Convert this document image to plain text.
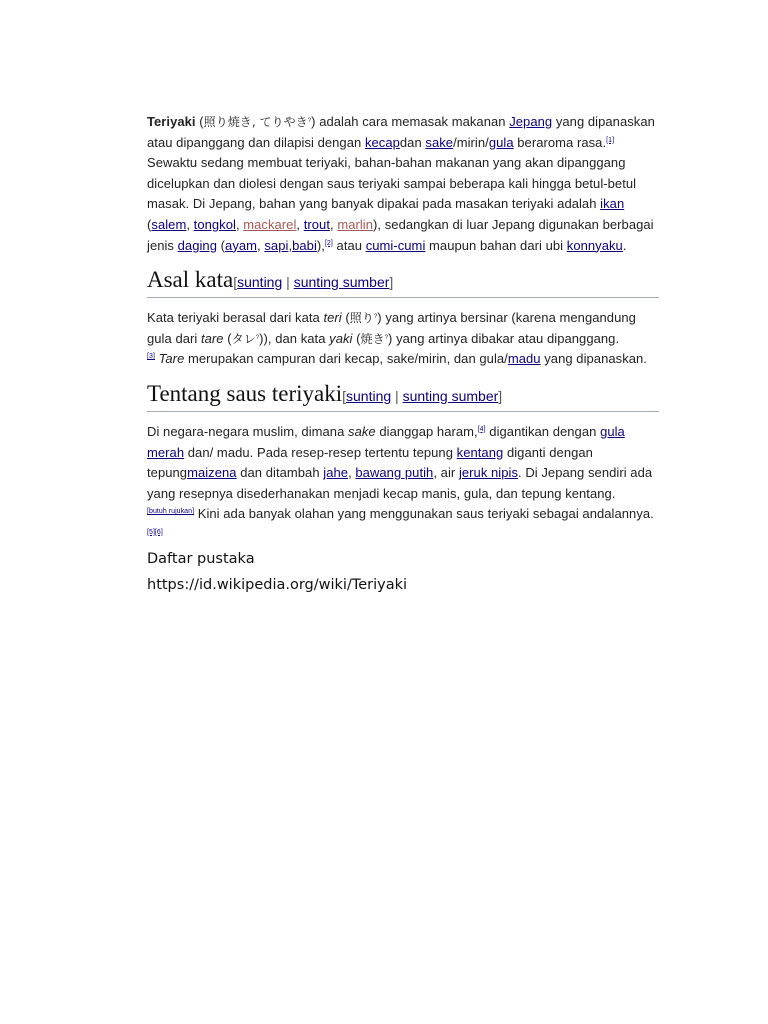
Teriyaki (照り焼き, てりやき?) adalah cara memasak makanan Jepang yang dipanaskan atau dipanggang dan dilapisi dengan kecapdan sake/mirin/gula beraroma rasa.[1] Sewaktu sedang membuat teriyaki, bahan-bahan makanan yang akan dipanggang dicelupkan dan diolesi dengan saus teriyaki sampai beberapa kali hingga betul-betul masak. Di Jepang, bahan yang banyak dipakai pada masakan teriyaki adalah ikan (salem, tongkol, mackarel, trout, marlin), sedangkan di luar Jepang digunakan berbagai jenis daging (ayam, sapi,babi),[2] atau cumi-cumi maupun bahan dari ubi konnyaku.

Asal kata[sunting | sunting sumber]

Kata teriyaki berasal dari kata teri (照り?) yang artinya bersinar (karena mengandung gula dari tare (タレ?)), dan kata yaki (焼き?) yang artinya dibakar atau dipanggang.
[3] Tare merupakan campuran dari kecap, sake/mirin, dan gula/madu yang dipanaskan.

Tentang saus teriyaki[sunting | sunting sumber]

Di negara-negara muslim, dimana sake dianggap haram,[4] digantikan dengan gula merah dan/ madu. Pada resep-resep tertentu tepung kentang diganti dengan tepungmaizena dan ditambah jahe, bawang putih, air jeruk nipis. Di Jepang sendiri ada yang resepnya disederhanakan menjadi kecap manis, gula, dan tepung kentang.
[butuh rujukan] Kini ada banyak olahan yang menggunakan saus teriyaki sebagai andalannya.[5][6]

Daftar pustaka

https://id.wikipedia.org/wiki/Teriyaki
